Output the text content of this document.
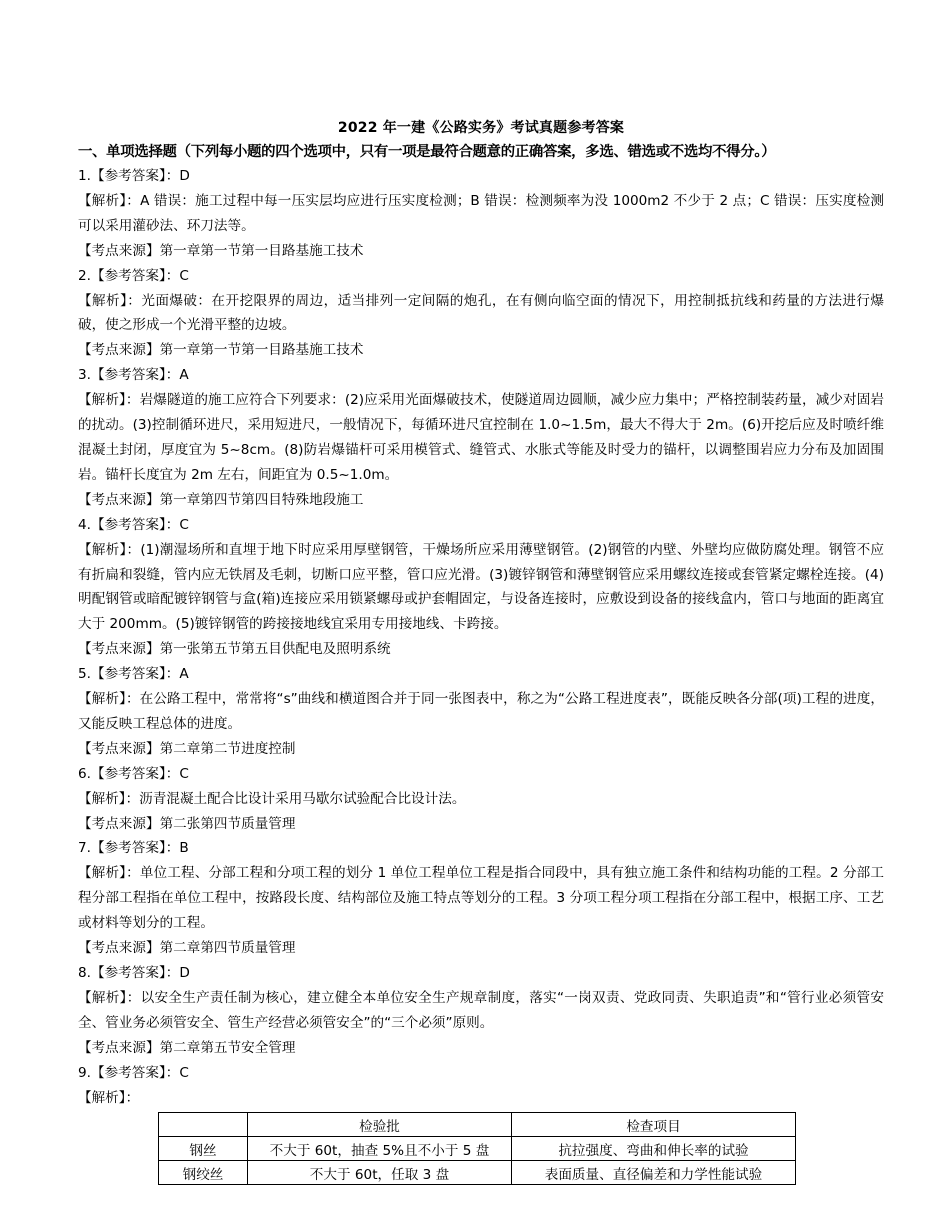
2022 年一建《公路实务》考试真题参考答案

一、单项选择题（下列每小题的四个选项中，只有一项是最符合题意的正确答案，多选、错选或不选均不得分。）

1.【参考答案】：D

【解析】：A 错误：施工过程中每一压实层均应进行压实度检测；B 错误：检测频率为没 1000m2 不少于 2 点；C 错误：压实度检测可以采用灌砂法、环刀法等。

【考点来源】第一章第一节第一目路基施工技术

2.【参考答案】：C

【解析】：光面爆破：在开挖限界的周边，适当排列一定间隔的炮孔，在有侧向临空面的情况下，用控制抵抗线和药量的方法进行爆破，使之形成一个光滑平整的边坡。

【考点来源】第一章第一节第一目路基施工技术

3.【参考答案】：A

【解析】：岩爆隧道的施工应符合下列要求：(2)应采用光面爆破技术，使隧道周边圆顺，减少应力集中；严格控制装药量，减少对固岩的扰动。(3)控制循环进尺，采用短进尺，一般情况下，每循环进尺宜控制在 1.0~1.5m，最大不得大于 2m。(6)开挖后应及时喷纤维混凝土封闭，厚度宜为 5~8cm。(8)防岩爆锚杆可采用模管式、缝管式、水胀式等能及时受力的锚杆，以调整围岩应力分布及加固围岩。锚杆长度宜为 2m 左右，间距宜为 0.5~1.0m。

【考点来源】第一章第四节第四目特殊地段施工

4.【参考答案】：C

【解析】：(1)潮湿场所和直埋于地下时应采用厚壁钢管，干燥场所应采用薄壁钢管。(2)钢管的内壁、外壁均应做防腐处理。钢管不应有折扁和裂缝，管内应无铁屑及毛刺，切断口应平整，管口应光滑。(3)镀锌钢管和薄壁钢管应采用螺纹连接或套管紧定螺栓连接。(4)明配钢管或暗配镀锌钢管与盒(箱)连接应采用锁紧螺母或护套帽固定，与设备连接时，应敷设到设备的接线盒内，管口与地面的距离宜大于 200mm。(5)镀锌钢管的跨接接地线宜采用专用接地线、卡跨接。

【考点来源】第一张第五节第五目供配电及照明系统

5.【参考答案】：A

【解析】：在公路工程中，常常将“s”曲线和横道图合并于同一张图表中，称之为“公路工程进度表”，既能反映各分部(项)工程的进度，又能反映工程总体的进度。

【考点来源】第二章第二节进度控制

6.【参考答案】：C

【解析】：沥青混凝土配合比设计采用马歇尔试验配合比设计法。

【考点来源】第二张第四节质量管理

7.【参考答案】：B

【解析】：单位工程、分部工程和分项工程的划分 1 单位工程单位工程是指合同段中，具有独立施工条件和结构功能的工程。2 分部工程分部工程指在单位工程中，按路段长度、结构部位及施工特点等划分的工程。3 分项工程分项工程指在分部工程中，根据工序、工艺或材料等划分的工程。

【考点来源】第二章第四节质量管理

8.【参考答案】：D

【解析】：以安全生产责任制为核心，建立健全本单位安全生产规章制度，落实“一岗双责、党政同责、失职追责”和“管行业必须管安全、管业务必须管安全、管生产经营必须管安全”的“三个必须”原则。

【考点来源】第二章第五节安全管理

9.【参考答案】：C

【解析】：

	检验批	检查项目
钢丝	不大于 60t，抽查 5%且不小于 5 盘	抗拉强度、弯曲和伸长率的试验
钢绞丝	不大于 60t，任取 3 盘	表面质量、直径偏差和力学性能试验
